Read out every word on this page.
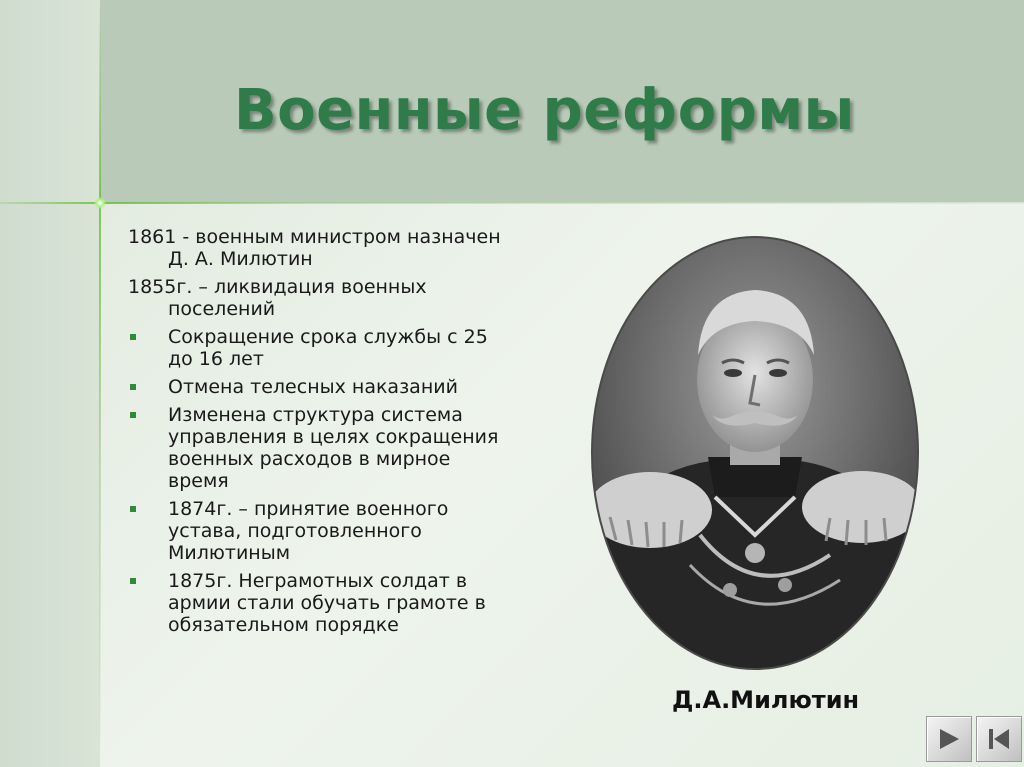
Военные реформы

1861 - военным министром назначен
Д. А. Милютин

1855г. – ликвидация военных
поселений

Сокращение срока службы с 25
до 16 лет
Отмена телесных наказаний
Изменена структура система
управления в целях сокращения
военных расходов в мирное
время
1874г. – принятие военного
устава, подготовленного
Милютиным
1875г. Неграмотных солдат в
армии стали обучать грамоте в
обязательном порядке
Д.А.Милютин
